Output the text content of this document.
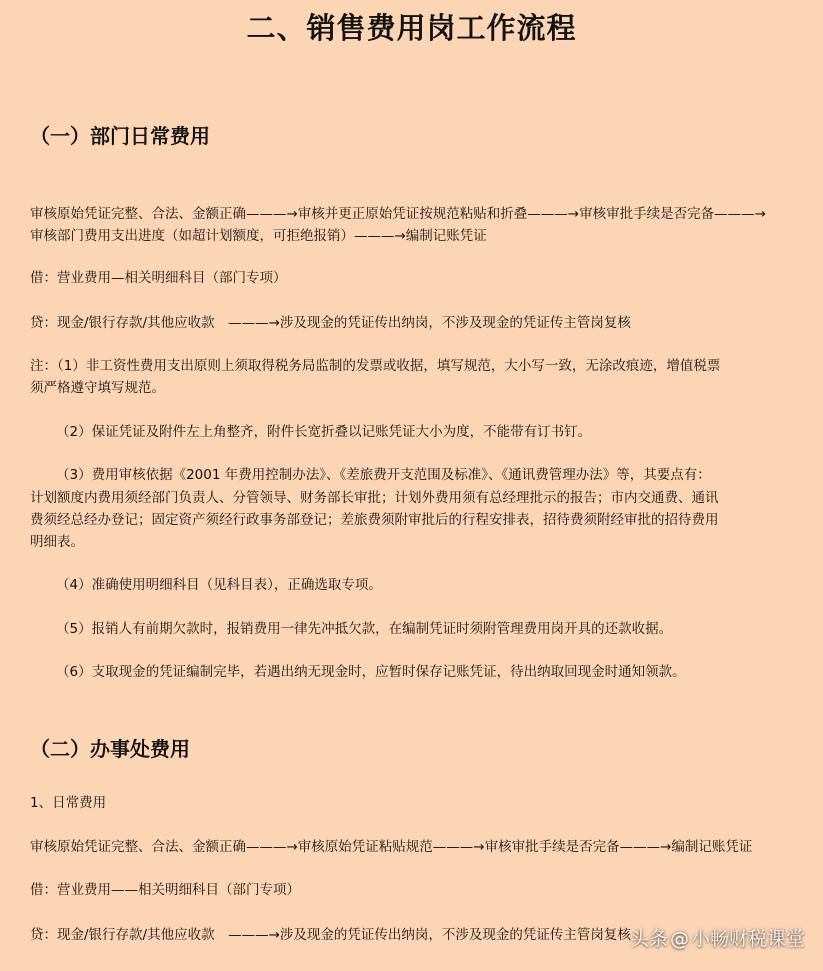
二、销售费用岗工作流程
（一）部门日常费用
审核原始凭证完整、合法、金额正确———→审核并更正原始凭证按规范粘贴和折叠———→审核审批手续是否完备———→
审核部门费用支出进度（如超计划额度，可拒绝报销）———→编制记账凭证
借：营业费用—相关明细科目（部门专项）
贷：现金/银行存款/其他应收款　———→涉及现金的凭证传出纳岗，不涉及现金的凭证传主管岗复核
注：（1）非工资性费用支出原则上须取得税务局监制的发票或收据，填写规范，大小写一致，无涂改痕迹，增值税票
须严格遵守填写规范。
（2）保证凭证及附件左上角整齐，附件长宽折叠以记账凭证大小为度，不能带有订书钉。
（3）费用审核依据《2001 年费用控制办法》、《差旅费开支范围及标准》、《通讯费管理办法》等，其要点有：
计划额度内费用须经部门负责人、分管领导、财务部长审批；计划外费用须有总经理批示的报告；市内交通费、通讯
费须经总经办登记；固定资产须经行政事务部登记；差旅费须附审批后的行程安排表，招待费须附经审批的招待费用
明细表。
（4）准确使用明细科目（见科目表），正确选取专项。
（5）报销人有前期欠款时，报销费用一律先冲抵欠款，在编制凭证时须附管理费用岗开具的还款收据。
（6）支取现金的凭证编制完毕，若遇出纳无现金时，应暂时保存记账凭证，待出纳取回现金时通知领款。
（二）办事处费用
1、日常费用
审核原始凭证完整、合法、金额正确———→审核原始凭证粘贴规范———→审核审批手续是否完备———→编制记账凭证
借：营业费用——相关明细科目（部门专项）
贷：现金/银行存款/其他应收款　———→涉及现金的凭证传出纳岗，不涉及现金的凭证传主管岗复核 头条 @ 小畅财税课堂
